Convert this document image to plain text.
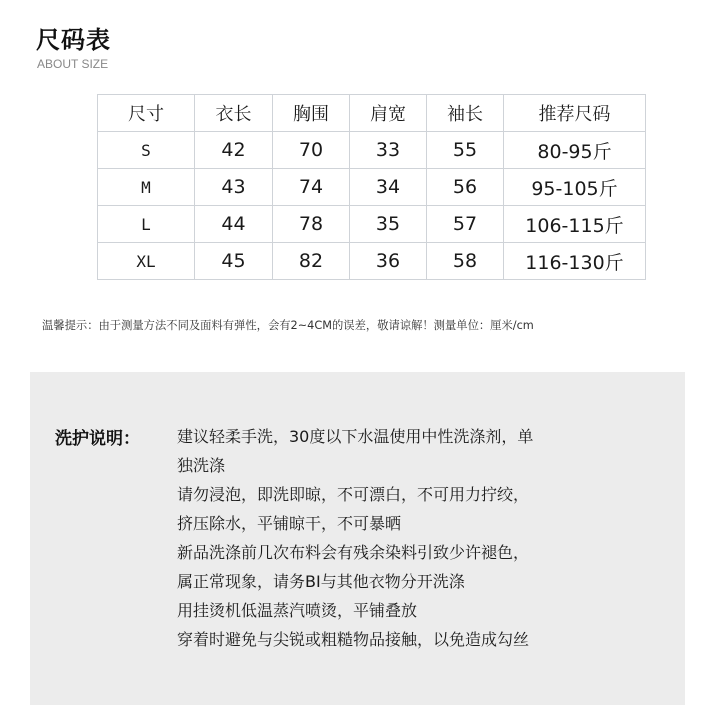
尺码表
ABOUT SIZE
尺寸	衣长	胸围	肩宽	袖长	推荐尺码
S	42	70	33	55	80-95斤
M	43	74	34	56	95-105斤
L	44	78	35	57	106-115斤
XL	45	82	36	58	116-130斤
温馨提示：由于测量方法不同及面料有弹性，会有2~4CM的误差，敬请谅解！测量单位：厘米/cm
洗护说明： 建议轻柔手洗，30度以下水温使用中性洗涤剂，单
独洗涤
请勿浸泡，即洗即晾，不可漂白，不可用力拧绞，
挤压除水，平铺晾干，不可暴晒
新品洗涤前几次布料会有残余染料引致少许褪色，
属正常现象，请务BI与其他衣物分开洗涤
用挂烫机低温蒸汽喷烫，平铺叠放
穿着时避免与尖锐或粗糙物品接触，以免造成勾丝
